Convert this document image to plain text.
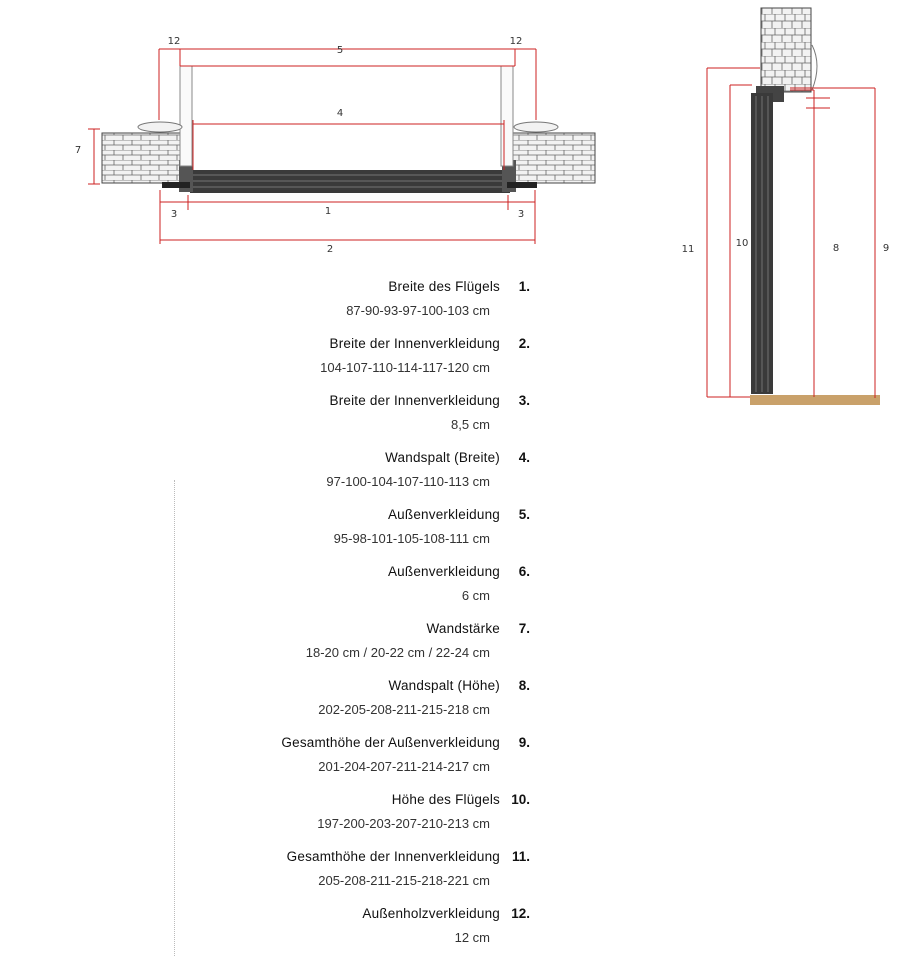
12
5
12
4
7
3	1	3
2	11
10	8	9
Breite des Flügels	1.
87-90-93-97-100-103 cm
Breite der Innenverkleidung	2.
104-107-110-114-117-120 cm
Breite der Innenverkleidung	3.
8,5 cm
Wandspalt (Breite)	4.
97-100-104-107-110-113 cm
Außenverkleidung	5.
95-98-101-105-108-111 cm
Außenverkleidung	6.
6 cm
Wandstärke	7.
18-20 cm / 20-22 cm / 22-24 cm
Wandspalt (Höhe)	8.
202-205-208-211-215-218 cm
Gesamthöhe der Außenverkleidung	9.
201-204-207-211-214-217 cm
Höhe des Flügels 10.
197-200-203-207-210-213 cm
Gesamthöhe der Innenverkleidung 11.
205-208-211-215-218-221 cm
Außenholzverkleidung 12.
12 cm
